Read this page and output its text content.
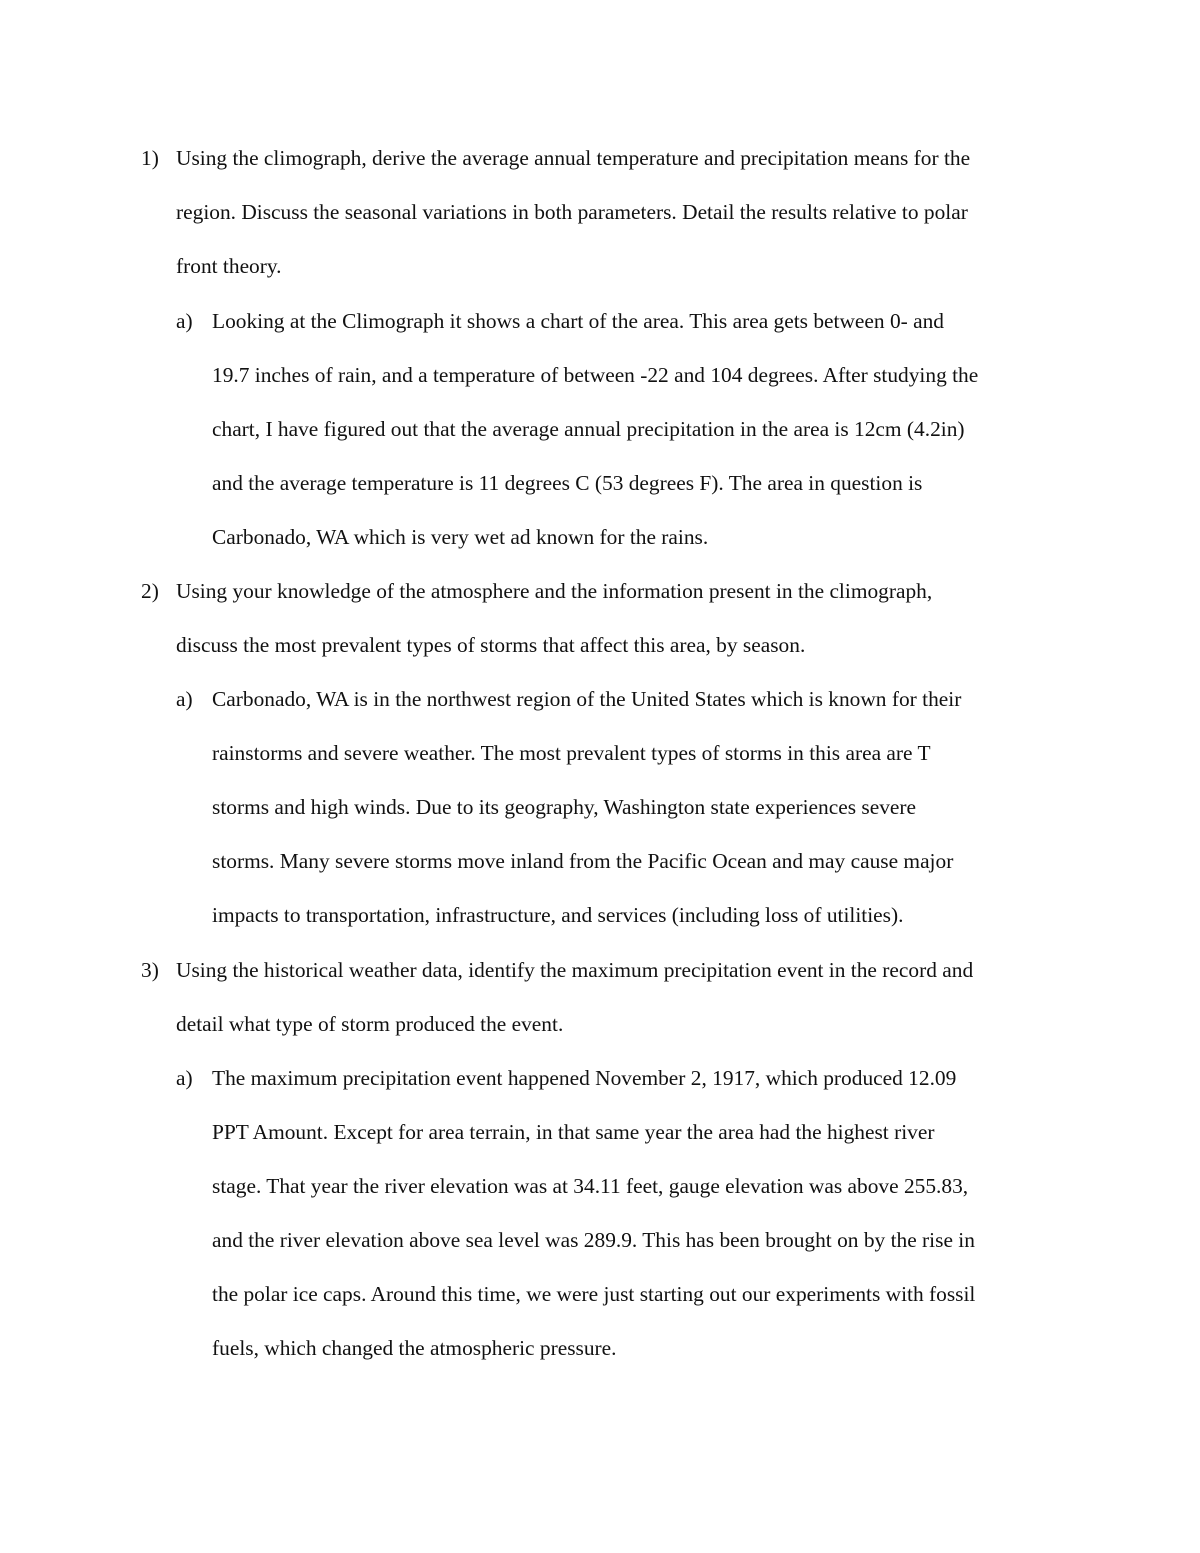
1) Using the climograph, derive the average annual temperature and precipitation means for the

region. Discuss the seasonal variations in both parameters. Detail the results relative to polar

front theory.

a) Looking at the Climograph it shows a chart of the area. This area gets between 0- and

19.7 inches of rain, and a temperature of between -22 and 104 degrees. After studying the

chart, I have figured out that the average annual precipitation in the area is 12cm (4.2in)

and the average temperature is 11 degrees C (53 degrees F). The area in question is

Carbonado, WA which is very wet ad known for the rains.

2) Using your knowledge of the atmosphere and the information present in the climograph,

discuss the most prevalent types of storms that affect this area, by season.

a) Carbonado, WA is in the northwest region of the United States which is known for their

rainstorms and severe weather. The most prevalent types of storms in this area are T

storms and high winds. Due to its geography, Washington state experiences severe

storms. Many severe storms move inland from the Pacific Ocean and may cause major

impacts to transportation, infrastructure, and services (including loss of utilities).

3) Using the historical weather data, identify the maximum precipitation event in the record and

detail what type of storm produced the event.

a) The maximum precipitation event happened November 2, 1917, which produced 12.09

PPT Amount. Except for area terrain, in that same year the area had the highest river

stage. That year the river elevation was at 34.11 feet, gauge elevation was above 255.83,

and the river elevation above sea level was 289.9. This has been brought on by the rise in

the polar ice caps. Around this time, we were just starting out our experiments with fossil

fuels, which changed the atmospheric pressure.
